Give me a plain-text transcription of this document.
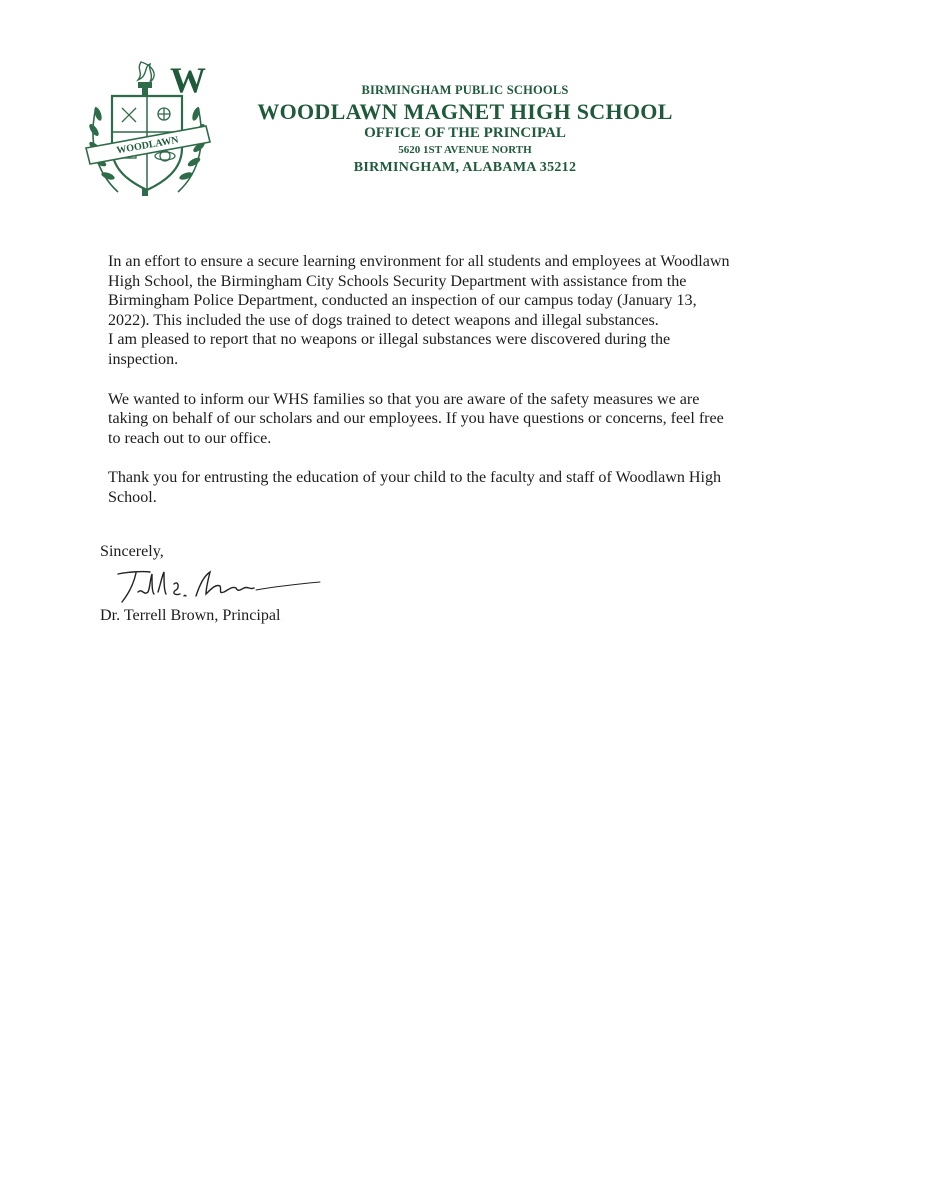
W
WOODLAWN
BIRMINGHAM PUBLIC SCHOOLS
WOODLAWN MAGNET HIGH SCHOOL
OFFICE OF THE PRINCIPAL
5620 1ST AVENUE NORTH
BIRMINGHAM, ALABAMA 35212

In an effort to ensure a secure learning environment for all students and employees at Woodlawn
High School, the Birmingham City Schools Security Department with assistance from the
Birmingham Police Department, conducted an inspection of our campus today (January 13,
2022). This included the use of dogs trained to detect weapons and illegal substances.
I am pleased to report that no weapons or illegal substances were discovered during the
inspection.

We wanted to inform our WHS families so that you are aware of the safety measures we are
taking on behalf of our scholars and our employees. If you have questions or concerns, feel free
to reach out to our office.

Thank you for entrusting the education of your child to the faculty and staff of Woodlawn High
School.

Sincerely,
Dr. Terrell Brown, Principal
